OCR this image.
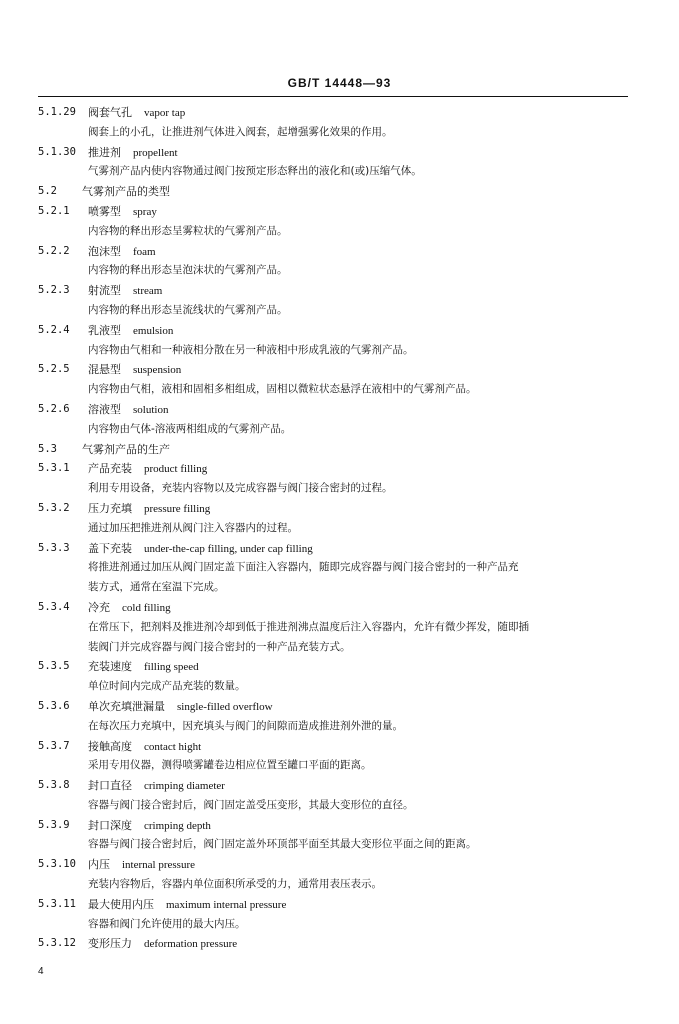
GB/T 14448—93
5.1.29 阀套气孔 vapor tap
阀套上的小孔，让推进剂气体进入阀套，起增强雾化效果的作用。
5.1.30 推进剂 propellent
气雾剂产品内使内容物通过阀门按预定形态释出的液化和(或)压缩气体。
5.2 气雾剂产品的类型
5.2.1 喷雾型 spray
内容物的释出形态呈雾粒状的气雾剂产品。
5.2.2 泡沫型 foam
内容物的释出形态呈泡沫状的气雾剂产品。
5.2.3 射流型 stream
内容物的释出形态呈流线状的气雾剂产品。
5.2.4 乳液型 emulsion
内容物由气相和一种液相分散在另一种液相中形成乳液的气雾剂产品。
5.2.5 混悬型 suspension
内容物由气相，液相和固相多相组成，固相以微粒状态悬浮在液相中的气雾剂产品。
5.2.6 溶液型 solution
内容物由气体-溶液两相组成的气雾剂产品。
5.3 气雾剂产品的生产
5.3.1 产品充装 product filling
利用专用设备，充装内容物以及完成容器与阀门接合密封的过程。
5.3.2 压力充填 pressure filling
通过加压把推进剂从阀门注入容器内的过程。
5.3.3 盖下充装 under-the-cap filling, under cap filling
将推进剂通过加压从阀门固定盖下面注入容器内，随即完成容器与阀门接合密封的一种产品充
装方式，通常在室温下完成。
5.3.4 冷充 cold filling
在常压下，把剂料及推进剂冷却到低于推进剂沸点温度后注入容器内，允许有微少挥发，随即插
装阀门并完成容器与阀门接合密封的一种产品充装方式。
5.3.5 充装速度 filling speed
单位时间内完成产品充装的数量。
5.3.6 单次充填泄漏量 single-filled overflow
在每次压力充填中，因充填头与阀门的间隙而造成推进剂外泄的量。
5.3.7 接触高度 contact hight
采用专用仪器，测得喷雾罐卷边相应位置至罐口平面的距离。
5.3.8 封口直径 crimping diameter
容器与阀门接合密封后，阀门固定盖受压变形，其最大变形位的直径。
5.3.9 封口深度 crimping depth
容器与阀门接合密封后，阀门固定盖外环顶部平面至其最大变形位平面之间的距离。
5.3.10 内压 internal pressure
充装内容物后，容器内单位面积所承受的力，通常用表压表示。
5.3.11 最大使用内压 maximum internal pressure
容器和阀门允许使用的最大内压。
5.3.12 变形压力 deformation pressure
4
